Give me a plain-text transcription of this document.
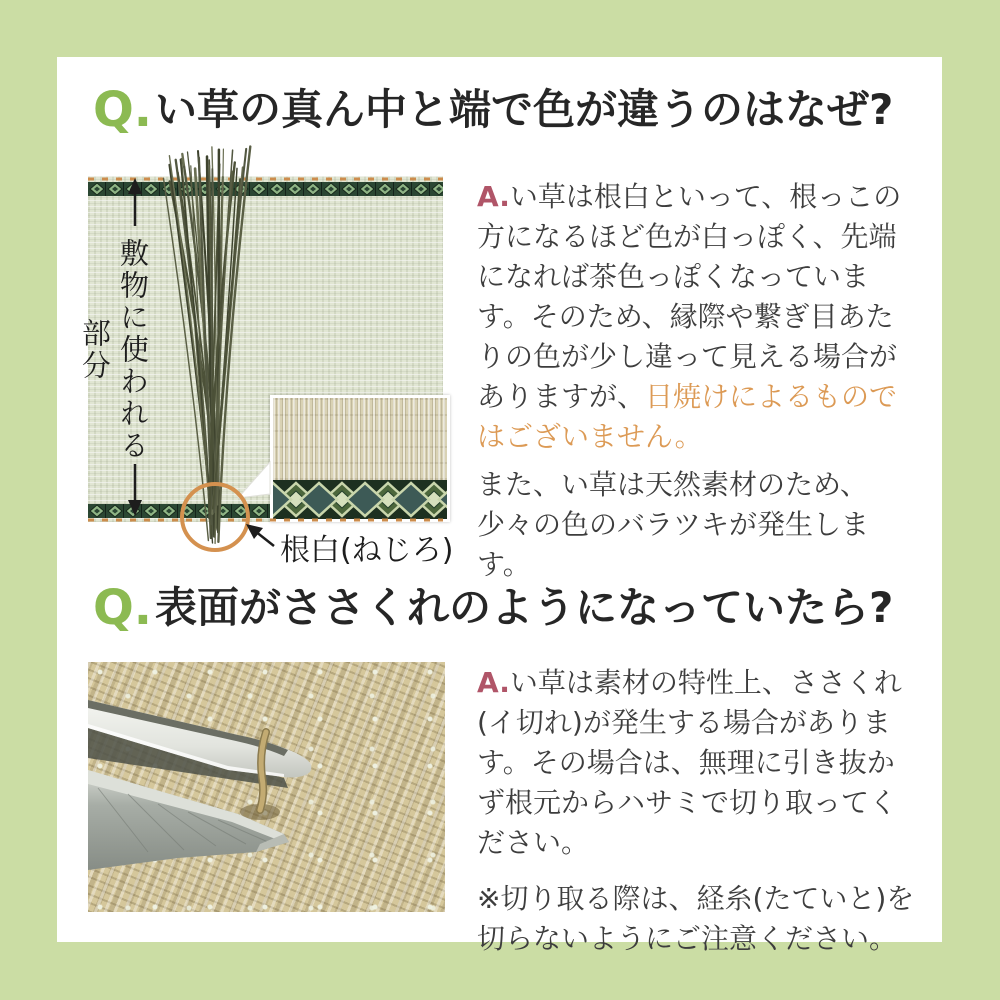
Q.い草の真ん中と端で色が違うのはなぜ?
敷物に使われる部分
根白(ねじろ)

A.い草は根白といって、根っこの方になるほど色が白っぽく、先端になれば茶色っぽくなっています。そのため、縁際や繋ぎ目あたりの色が少し違って見える場合がありますが、日焼けによるものではございません。

また、い草は天然素材のため、少々の色のバラツキが発生します。

Q.表面がささくれのようになっていたら?

A.い草は素材の特性上、ささくれ(イ切れ)が発生する場合があります。その場合は、無理に引き抜かず根元からハサミで切り取ってください。

※切り取る際は、経糸(たていと)を切らないようにご注意ください。
